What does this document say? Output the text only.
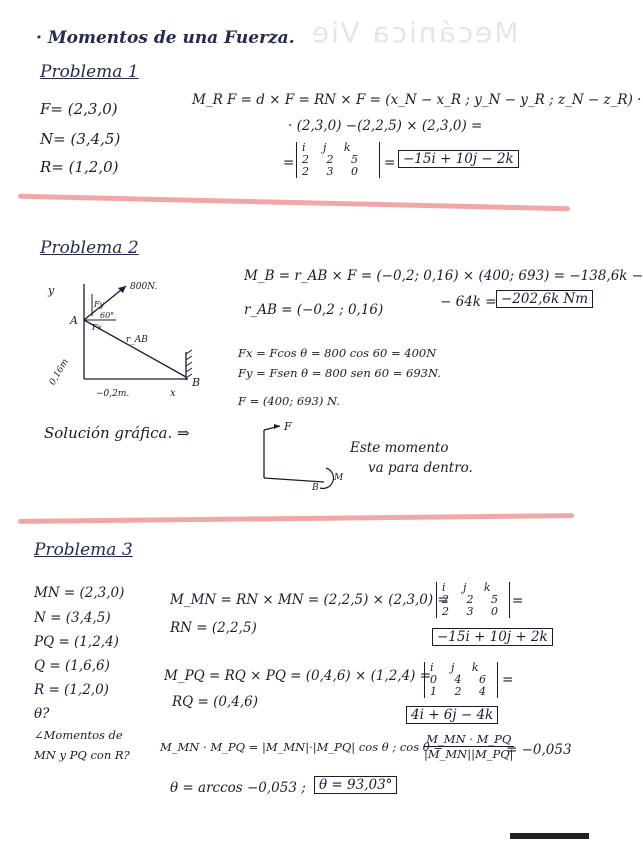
Mecánica Vie
· Momentos de una Fuerza.
Problema 1
F= (2,3,0)
N= (3,4,5)
R= (1,2,0)
M_R F = d × F = RN × F = (x_N − x_R ; y_N − y_R ; z_N − z_R) ·
· (2,3,0) −(2,2,5) × (2,3,0) =
=
i j k
2 2 5
2 3 0
= −15i + 10j − 2k
Problema 2
y
A
800N.
Fy
60°
Fx
r_AB
0,16m
−0,2m.	x
B
M_B = r_AB × F = (−0,2; 0,16) × (400; 693) = −138,6k −
− 64k = −202,6k Nm
r_AB = (−0,2 ; 0,16)
Fx = Fcos θ = 800 cos 60 = 400N
Fy = Fsen θ = 800 sen 60 = 693N.
F = (400; 693) N.
Solución gráfica. ⇒	F
B
M
Este momento
va para dentro.
Problema 3
MN = (2,3,0)
N = (3,4,5)
PQ = (1,2,4)
Q = (1,6,6)
R = (1,2,0)
θ?
∠Momentos de
MN y PQ con R?
M_MN = RN × MN = (2,2,5) × (2,3,0) =
RN = (2,2,5)
i j k
2 2 5
2 3 0
=
−15i + 10j + 2k
M_PQ = RQ × PQ = (0,4,6) × (1,2,4) =
RQ = (0,4,6)
i j k
0 4 6
1 2 4
=
4i + 6j − 4k
M_MN · M_PQ = |M_MN|·|M_PQ| cos θ ; cos θ =
$\frac{M\_MN \cdot M\_PQ}{|M\_MN||M\_PQ|}$
= −0,053
θ = arccos −0,053 ; θ = 93,03°
